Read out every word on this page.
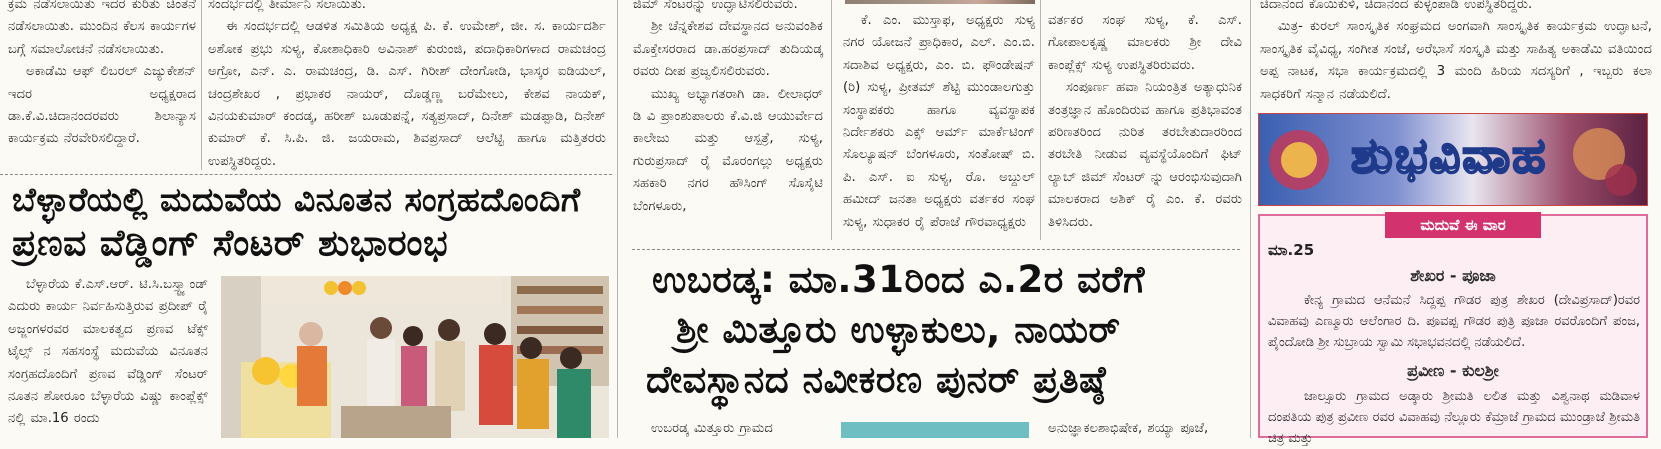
ಕ್ರಮ ನಡೆಸಲಾಯಿತು ಇದರ ಕುರಿತು ಚಿಂತನೆ ನಡೆಸಲಾಯಿತು. ಮುಂದಿನ ಕೆಲಸ ಕಾರ್ಯಗಳ ಬಗ್ಗೆ ಸಮಾಲೋಚನೆ ನಡೆಸಲಾಯಿತು.

ಅಕಾಡೆಮಿ ಆಫ್ ಲಿಬರಲ್ ಎಜ್ಯುಕೇಶನ್ ಇದರ ಅಧ್ಯಕ್ಷರಾದ ಡಾ.ಕೆ.ವಿ.ಚಿದಾನಂದರವರು ಶಿಲಾನ್ಯಾಸ ಕಾರ್ಯಕ್ರಮ ನೆರವೇರಿಸಲಿದ್ದಾರೆ.

ಸಂದರ್ಭದಲ್ಲಿ ತೀರ್ಮಾನಿ ಸಲಾಯಿತು.

ಈ ಸಂದರ್ಭದಲ್ಲಿ ಆಡಳಿತ ಸಮಿತಿಯ ಅಧ್ಯಕ್ಷ ಪಿ. ಕೆ. ಉಮೇಶ್, ಜೀ. ಸ. ಕಾರ್ಯದರ್ಶಿ ಅಶೋಕ ಪ್ರಭು ಸುಳ್ಯ, ಕೋಶಾಧಿಕಾರಿ ಅವಿನಾಶ್ ಕುರುಂಜಿ, ಪದಾಧಿಕಾರಿಗಳಾದ ರಾಮಚಂದ್ರ ಅಗ್ರೋ, ಎನ್. ಎ. ರಾಮಚಂದ್ರ, ಡಿ. ಎಸ್. ಗಿರೀಶ್ ದೇಂಗೋಡಿ, ಭಾಸ್ಕರ ಐಡಿಯಲ್, ಚಂದ್ರಶೇಖರ , ಪ್ರಭಾಕರ ನಾಯರ್, ದೊಡ್ಡಣ್ಣ ಬರೆಮೇಲು, ಕೇಶವ ನಾಯಕ್, ವಿನಯಕುಮಾರ್ ಕಂದಡ್ಕ, ಹರೀಶ್ ಬೂಡುಪನ್ನೆ, ಸತ್ಯಪ್ರಸಾದ್, ದಿನೇಶ್ ಮಡಪ್ಪಾಡಿ, ದಿನೇಶ್ ಕುಮಾರ್ ಕೆ. ಸಿ.ಪಿ. ಜಿ. ಜಯರಾಮ, ಶಿವಪ್ರಸಾದ್ ಆಲೆಟ್ಟಿ ಹಾಗೂ ಮತ್ತಿತರರು ಉಪಸ್ಥಿತರಿದ್ದರು.

ಬೆಳ್ಳಾರೆಯಲ್ಲಿ ಮದುವೆಯ ವಿನೂತನ ಸಂಗ್ರಹದೊಂದಿಗೆ
ಪ್ರಣವ ವೆಡ್ಡಿಂಗ್ ಸೆಂಟರ್ ಶುಭಾರಂಭ

ಬೆಳ್ಳಾರೆಯ ಕೆ.ಎಸ್.ಆರ್. ಟಿ.ಸಿ.ಬಸ್ಸ್ಟ್ಯಾಂಡ್ ಎದುರು ಕಾರ್ಯ ನಿರ್ವಹಿಸುತ್ತಿರುವ ಪ್ರದೀಪ್ ರೈ ಅಜ್ಜಂಗಳರವರ ಮಾಲಕತ್ವದ ಪ್ರಣವ ಟೆಕ್ಸ್ ಟೈಲ್ಸ್ ನ ಸಹಸಂಸ್ಥೆ ಮದುವೆಯ ವಿನೂತನ ಸಂಗ್ರಹದೊಂದಿಗೆ ಪ್ರಣವ ವೆಡ್ಡಿಂಗ್ ಸೆಂಟರ್ ನೂತನ ಶೋರೂಂ ಬೆಳ್ಳಾರೆಯ ವಿಷ್ಣು ಕಾಂಪ್ಲೆಕ್ಸ್ ನಲ್ಲಿ ಮಾ.16 ರಂದು

ಜಿಮ್ ಸೆಂಟರನ್ನು ಉದ್ಘಾಟಿಸಲಿರುವರು.

ಶ್ರೀ ಚೆನ್ನಕೇಶವ ದೇವಸ್ಥಾನದ ಅನುವಂಶಿಕ ಮೊಕ್ತೇಸರರಾದ ಡಾ.ಹರಪ್ರಸಾದ್ ತುದಿಯಡ್ಕ ರವರು ದೀಪ ಪ್ರಜ್ವಲಿಸಲಿರುವರು.

ಮುಖ್ಯ ಅಭ್ಯಾಗತರಾಗಿ ಡಾ. ಲೀಲಾಧರ್ ಡಿ ವಿ ಪ್ರಾಂಶುಪಾಲರು ಕೆ.ವಿ.ಜಿ ಆಯುರ್ವೇದ ಕಾಲೇಜು ಮತ್ತು ಆಸ್ಪತ್ರೆ, ಸುಳ್ಯ, ಗುರುಪ್ರಸಾದ್ ರೈ ಮೊರಂಗಲ್ಲು ಅಧ್ಯಕ್ಷರು ಸಹಕಾರಿ ನಗರ ಹೌಸಿಂಗ್ ಸೊಸೈಟಿ ಬೆಂಗಳೂರು,

ಕೆ. ಎಂ. ಮುಸ್ತಾಫ, ಅಧ್ಯಕ್ಷರು ಸುಳ್ಯ ನಗರ ಯೋಜನೆ ಪ್ರಾಧಿಕಾರ, ಎಲ್. ಎಂ.ಬಿ. ಸದಾಶಿವ ಅಧ್ಯಕ್ಷರು, ಎಂ. ಬಿ. ಫೌಂಡೇಷನ್ (ರಿ) ಸುಳ್ಯ, ಪ್ರೀತಮ್ ಶೆಟ್ಟಿ ಮುಂಡಾಲಗುತ್ತು ಸಂಸ್ಥಾಪಕರು ಹಾಗೂ ವ್ಯವಸ್ಥಾಪಕ ನಿರ್ದೇಶಕರು ಎಕ್ಸ್ ಆರ್ಮ್ ಮಾರ್ಕೆಟಿಂಗ್ ಸೊಲ್ಯೂಷನ್ ಬೆಂಗಳೂರು, ಸಂತೋಷ್ ಬಿ. ಪಿ. ಎಸ್. ಐ ಸುಳ್ಯ, ರೊ. ಅಬ್ದುಲ್ ಹಮೀದ್ ಜನತಾ ಅಧ್ಯಕ್ಷರು ವರ್ತಕರ ಸಂಘ ಸುಳ್ಯ, ಸುಧಾಕರ ರೈ ಪೆರಾಜೆ ಗೌರವಾಧ್ಯಕ್ಷರು

ವರ್ತಕರ ಸಂಘ ಸುಳ್ಯ, ಕೆ. ಎಸ್. ಗೋಪಾಲಕೃಷ್ಣ ಮಾಲಕರು ಶ್ರೀ ದೇವಿ ಕಾಂಪ್ಲೆಕ್ಸ್ ಸುಳ್ಯ ಉಪಸ್ಥಿತರಿರುವರು.

ಸಂಪೂರ್ಣ ಹವಾ ನಿಯಂತ್ರಿತ ಅತ್ಯಾಧುನಿಕ ತಂತ್ರಜ್ಞಾನ ಹೊಂದಿರುವ ಹಾಗೂ ಪ್ರತಿಭಾವಂತ ಪರಿಣತರಿಂದ ನುರಿತ ತರಬೇತುದಾರರಿಂದ ತರಬೇತಿ ನೀಡುವ ವ್ಯವಸ್ಥೆಯೊಂದಿಗೆ ಫಿಟ್ ಲ್ಯಾಬ್ ಜಿಮ್ ಸೆಂಟರ್ ನ್ನು ಆರಂಭಿಸುವುದಾಗಿ ಮಾಲಕರಾದ ಅಶಿಕ್ ರೈ ಎಂ. ಕೆ. ರವರು ತಿಳಿಸಿದರು.

ಉಬರಡ್ಕ: ಮಾ.31ರಿಂದ ಎ.2ರ ವರೆಗೆ
ಶ್ರೀ ಮಿತ್ತೂರು ಉಳ್ಳಾಕುಲು, ನಾಯರ್
ದೇವಸ್ಥಾನದ ನವೀಕರಣ ಪುನರ್ ಪ್ರತಿಷ್ಠೆ

ಉಬರಡ್ಕ ಮಿತ್ತೂರು ಗ್ರಾಮದ	ಅನುಜ್ಞಾಕಲಶಾಭಿಷೇಕ, ಶಯ್ಯಾ ಪೂಜೆ,

ಚಿದಾನಂದ ಕೊಯಿಕುಳಿ, ಚಿದಾನಂದ ಕುಳ್ಳಂಪಾಡಿ ಉಪಸ್ಥಿತರಿದ್ದರು.

ಮಿತ್ರ- ಕುರಲ್ ಸಾಂಸ್ಕೃತಿಕ ಸಂಘ್ರಮದ ಅಂಗವಾಗಿ ಸಾಂಸ್ಕೃತಿಕ ಕಾರ್ಯಕ್ರಮ ಉದ್ಘಾಟನೆ, ಸಾಂಸ್ಕೃತಿಕ ವೈವಿಧ್ಯ, ಸಂಗೀತ ಸಂಜೆ, ಅರೆಭಾಸೆ ಸಂಸ್ಕೃತಿ ಮತ್ತು ಸಾಹಿತ್ಯ ಅಕಾಡೆಮಿ ವತಿಯಿಂದ ಅಪ್ಪ ನಾಟಕ, ಸಭಾ ಕಾರ್ಯಕ್ರಮದಲ್ಲಿ 3 ಮಂದಿ ಹಿರಿಯ ಸದಸ್ಯರಿಗೆ , ಇಬ್ಬರು ಕಲಾ ಸಾಧಕರಿಗೆ ಸನ್ಮಾನ ನಡೆಯಲಿದೆ.

ಶುಭವಿವಾಹ
ಮದುವೆ ಈ ವಾರ
ಮಾ.25
ಶೇಖರ - ಪೂಜಾ

ಕೇನ್ಯ ಗ್ರಾಮದ ಆನೆಮನೆ ಸಿದ್ದಪ್ಪ ಗೌಡರ ಪುತ್ರ ಶೇಖರ (ದೇವಿಪ್ರಸಾದ್)ರವರ ವಿವಾಹವು ಎಣ್ಮೂರು ಆಲೆಂಗಾರ ದಿ. ಪೂವಪ್ಪ ಗೌಡರ ಪುತ್ರಿ ಪೂಜಾ ರವರೊಂದಿಗೆ ಪಂಜ, ಪೈಂದೋಡಿ ಶ್ರೀ ಸುಬ್ರಾಯ ಸ್ವಾಮಿ ಸಭಾಭವನದಲ್ಲಿ ನಡೆಯಲಿದೆ.

ಪ್ರವೀಣ - ಕುಲಶ್ರೀ

ಜಾಲ್ಸೂರು ಗ್ರಾಮದ ಅಡ್ಕಾರು ಶ್ರೀಮತಿ ಲಲಿತ ಮತ್ತು ವಿಶ್ವನಾಥ ಮಡಿವಾಳ ದಂಪತಿಯ ಪುತ್ರ ಪ್ರವೀಣ ರವರ ವಿವಾಹವು ನೆಲ್ಲೂರು ಕೆಮ್ರಾಜೆ ಗ್ರಾಮದ ಮುಂಡ್ರಾಜೆ ಶ್ರೀಮತಿ ಚಿತ್ರ ಮತ್ತು
